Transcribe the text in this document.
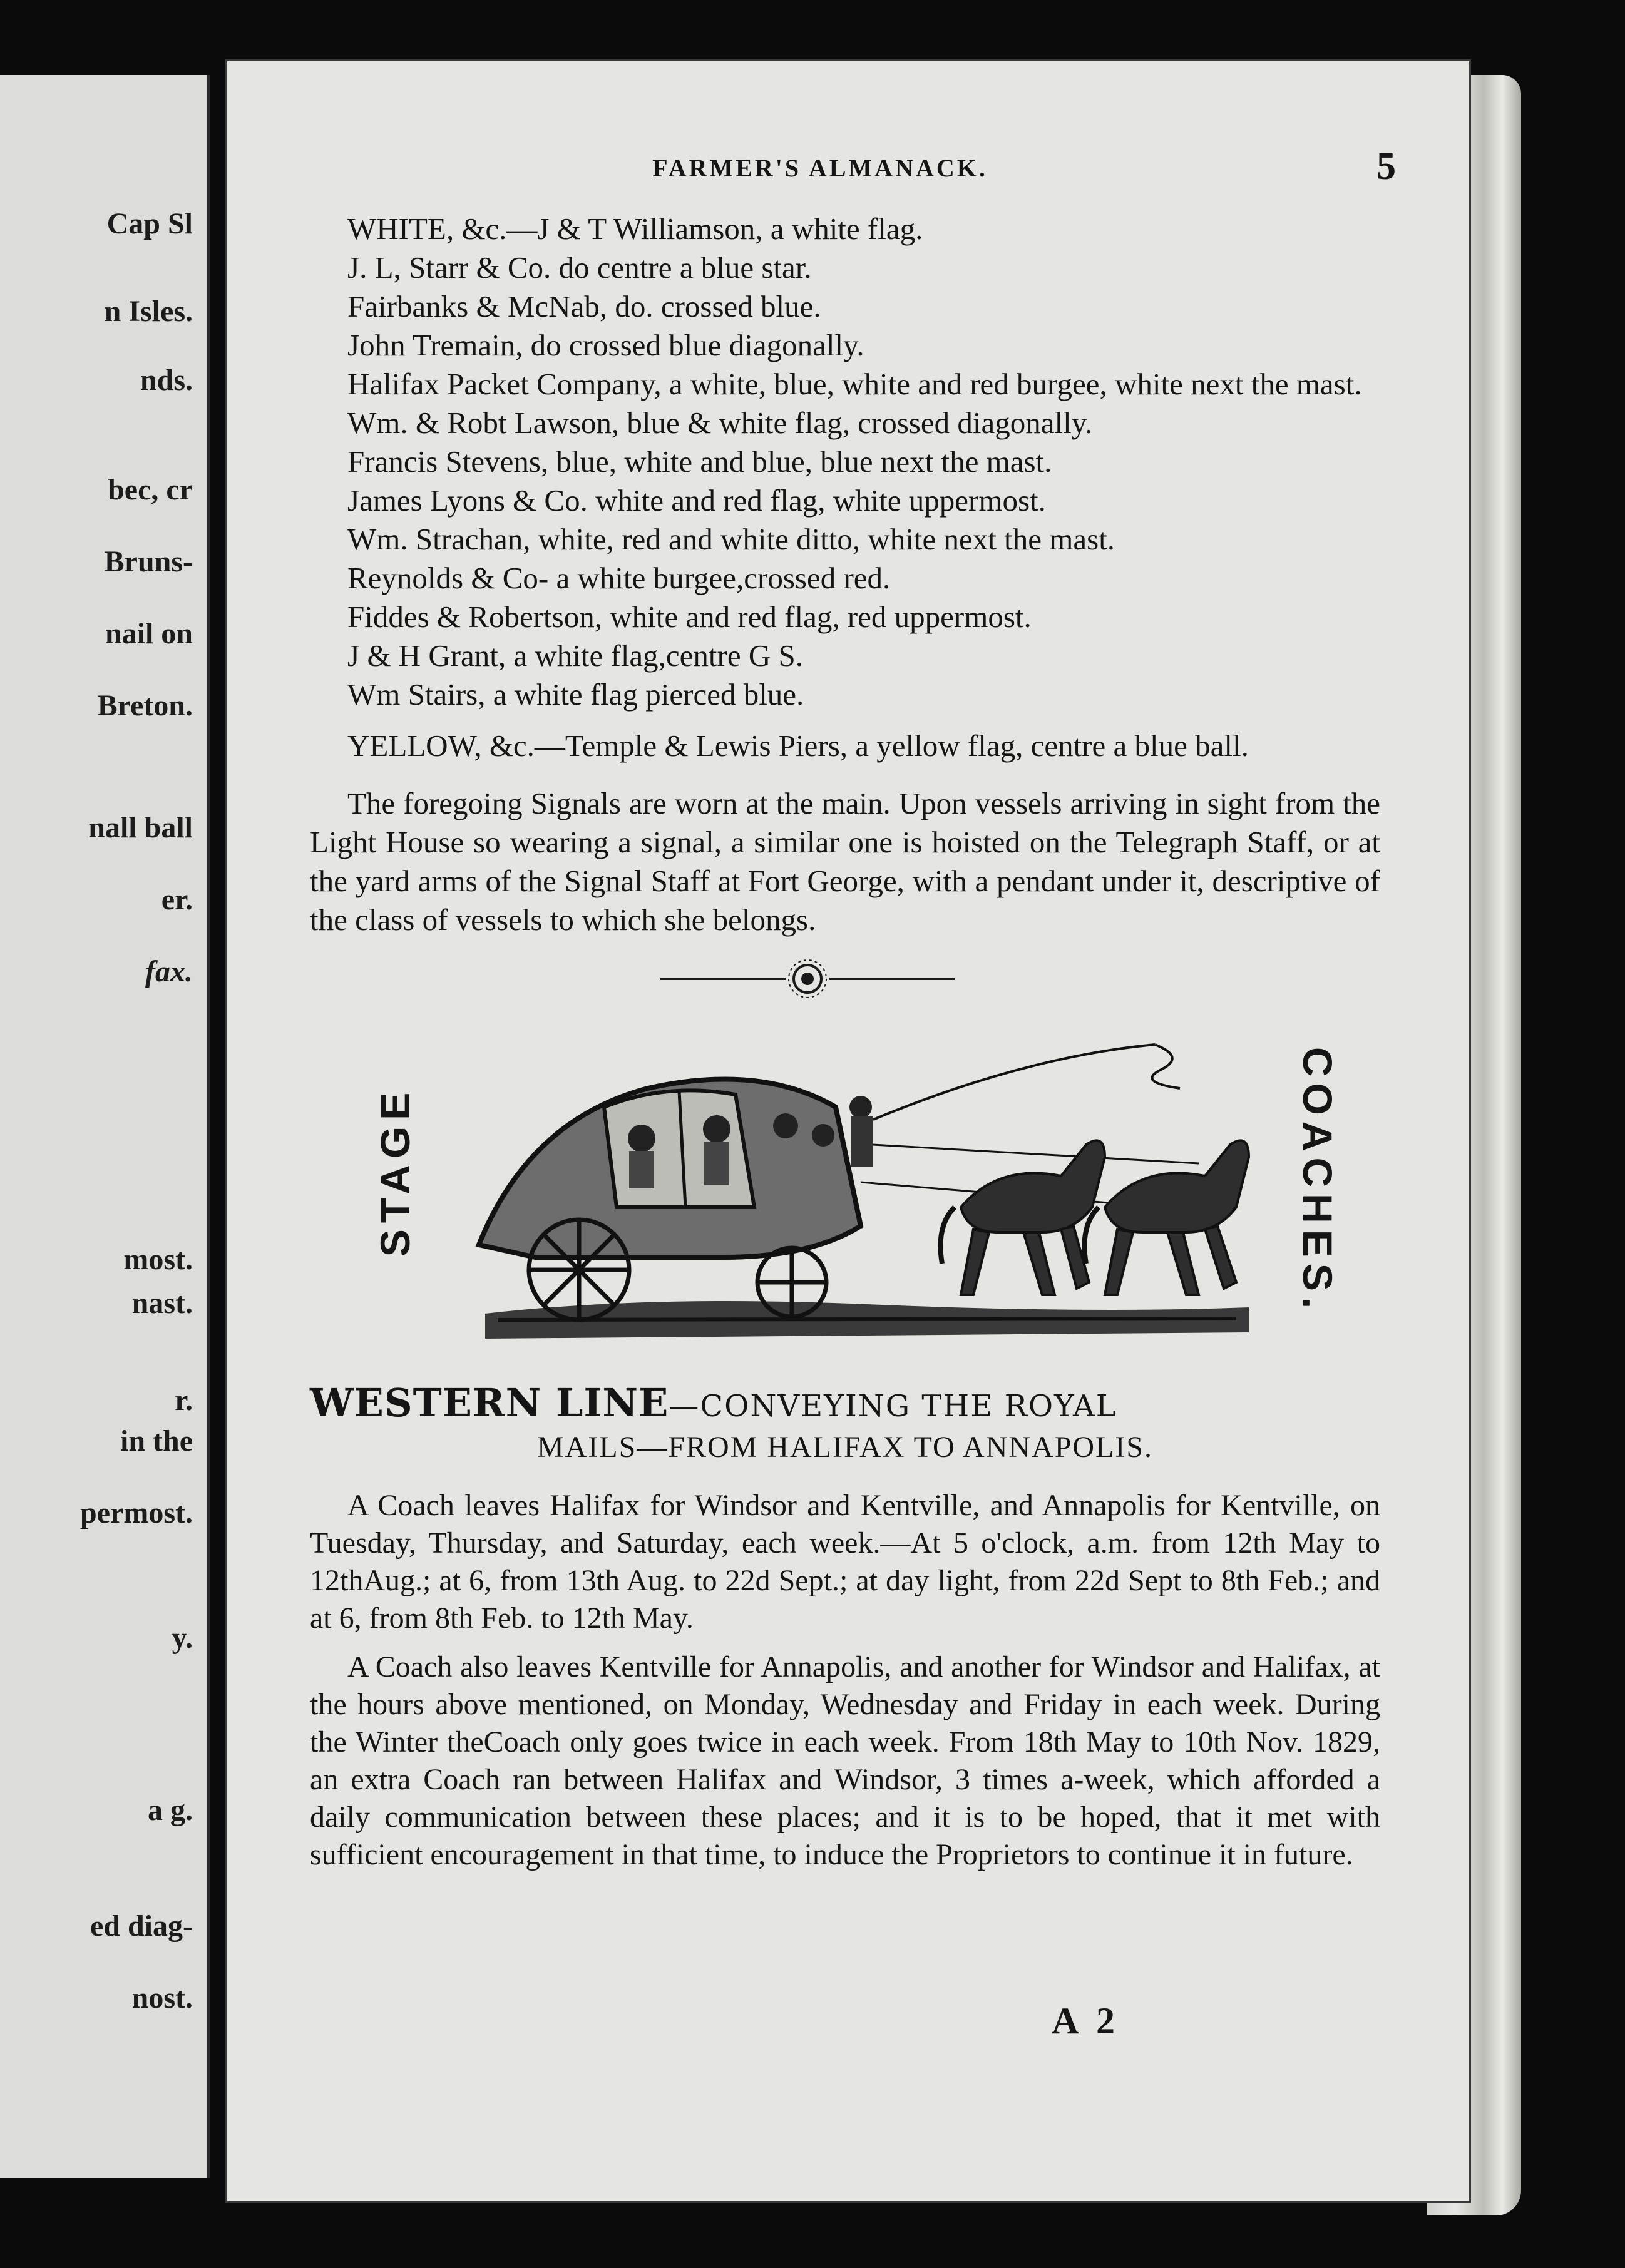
Cap Sl
n Isles.
nds.
bec, cr
Bruns-
nail on
Breton.
nall ball
er.
fax.
most.
nast.
r.
in the
permost.
y.
a g.
ed diag-
nost.
FARMER'S ALMANACK.	5

WHITE, &c.—J & T Williamson, a white flag.

J. L, Starr & Co. do centre a blue star.

Fairbanks & McNab, do. crossed blue.

John Tremain, do crossed blue diagonally.

Halifax Packet Company, a white, blue, white and red burgee, white next the mast.

Wm. & Robt Lawson, blue & white flag, crossed diagonally.

Francis Stevens, blue, white and blue, blue next the mast.

James Lyons & Co. white and red flag, white uppermost.

Wm. Strachan, white, red and white ditto, white next the mast.

Reynolds & Co- a white burgee,crossed red.

Fiddes & Robertson, white and red flag, red uppermost.

J & H Grant, a white flag,centre G S.

Wm Stairs, a white flag pierced blue.

YELLOW, &c.—Temple & Lewis Piers, a yellow flag, centre a blue ball.

The foregoing Signals are worn at the main. Upon vessels arriving in sight from the Light House so wearing a signal, a similar one is hoisted on the Telegraph Staff, or at the yard arms of the Signal Staff at Fort George, with a pendant under it, descriptive of the class of vessels to which she belongs.

STAGE	COACHES.
WESTERN LINE—CONVEYING THE ROYAL
MAILS—FROM HALIFAX TO ANNAPOLIS.

A Coach leaves Halifax for Windsor and Kentville, and Annapolis for Kentville, on Tuesday, Thursday, and Saturday, each week.—At 5 o'clock, a.m. from 12th May to 12thAug.; at 6, from 13th Aug. to 22d Sept.; at day light, from 22d Sept to 8th Feb.; and at 6, from 8th Feb. to 12th May.

A Coach also leaves Kentville for Annapolis, and another for Windsor and Halifax, at the hours above mentioned, on Monday, Wednesday and Friday in each week. During the Winter theCoach only goes twice in each week. From 18th May to 10th Nov. 1829, an extra Coach ran between Halifax and Windsor, 3 times a-week, which afforded a daily communication between these places; and it is to be hoped, that it met with sufficient encouragement in that time, to induce the Proprietors to continue it in future.

A 2
